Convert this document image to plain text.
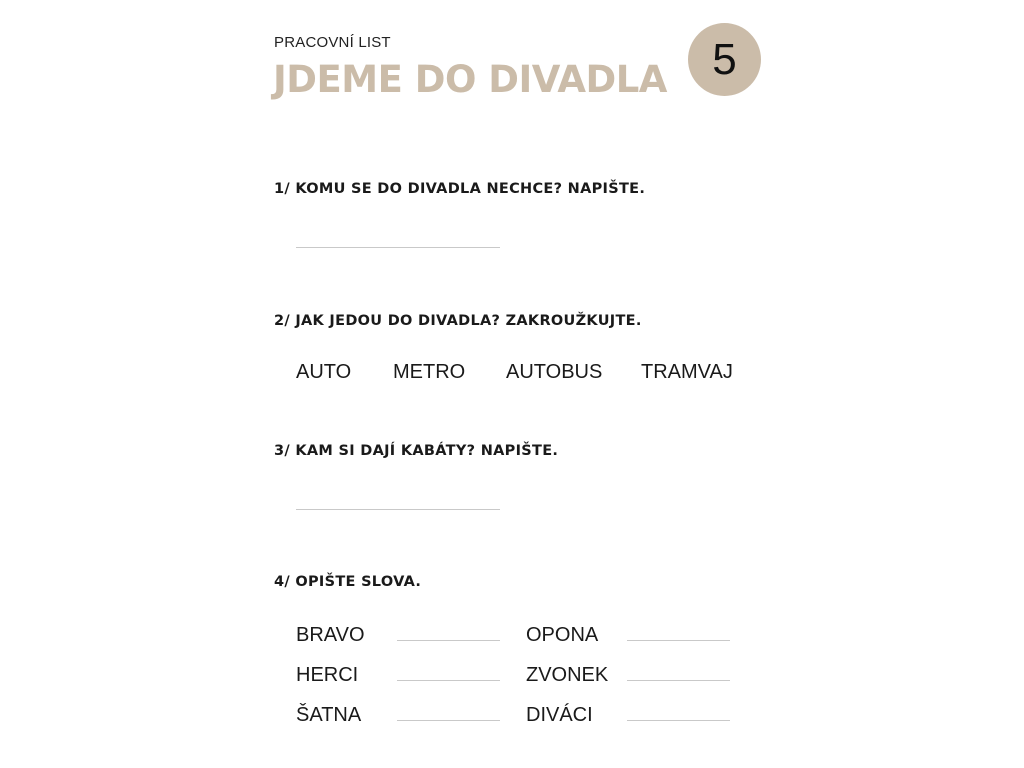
PRACOVNÍ LIST
JDEME DO DIVADLA 5
1/ KOMU SE DO DIVADLA NECHCE? NAPIŠTE.
2/ JAK JEDOU DO DIVADLA? ZAKROUŽKUJTE.
AUTO METRO AUTOBUS TRAMVAJ
3/ KAM SI DAJÍ KABÁTY? NAPIŠTE.
4/ OPIŠTE SLOVA.
BRAVO	OPONA
HERCI	ZVONEK
ŠATNA	DIVÁCI
